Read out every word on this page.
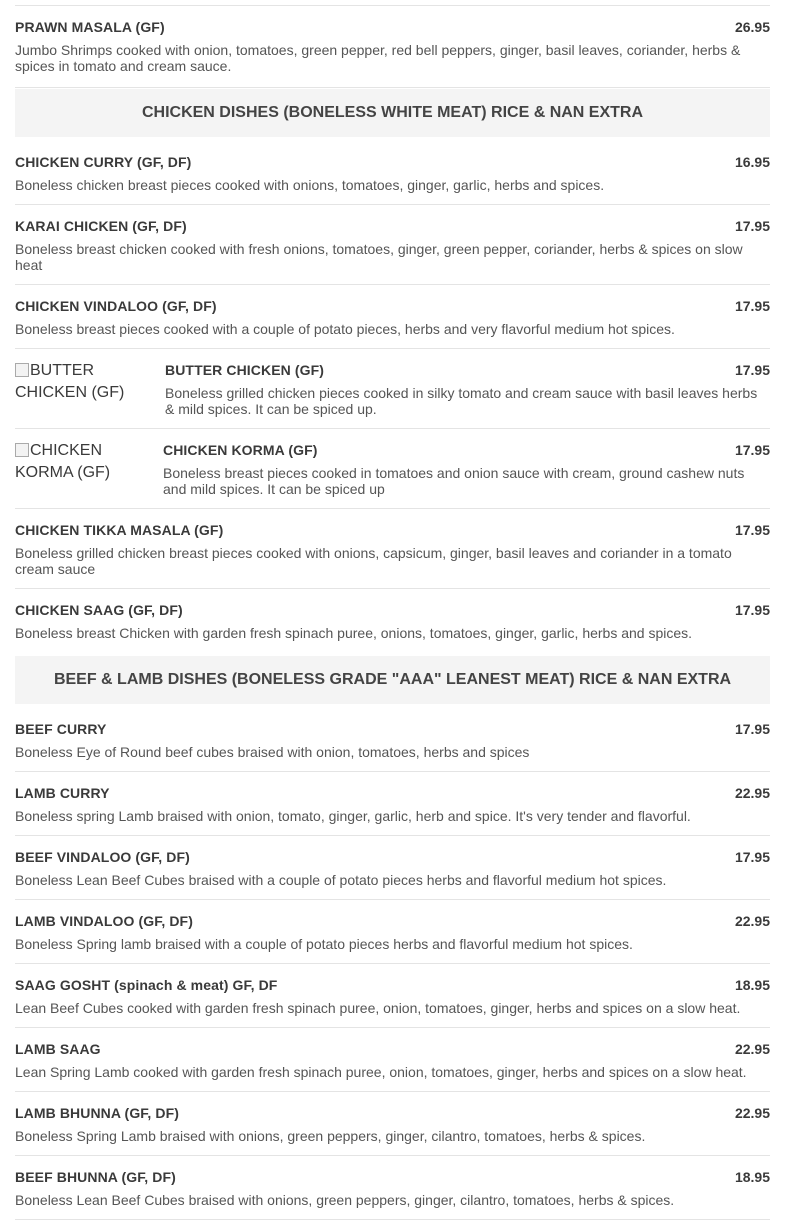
PRAWN MASALA (GF)	26.95
Jumbo Shrimps cooked with onion, tomatoes, green pepper, red bell peppers, ginger, basil leaves, coriander, herbs & spices in tomato and cream sauce.
CHICKEN DISHES (BONELESS WHITE MEAT) RICE & NAN EXTRA
CHICKEN CURRY (GF, DF)	16.95
Boneless chicken breast pieces cooked with onions, tomatoes, ginger, garlic, herbs and spices.
KARAI CHICKEN (GF, DF)	17.95
Boneless breast chicken cooked with fresh onions, tomatoes, ginger, green pepper, coriander, herbs & spices on slow heat
CHICKEN VINDALOO (GF, DF)	17.95
Boneless breast pieces cooked with a couple of potato pieces, herbs and very flavorful medium hot spices.
BUTTER CHICKEN (GF)
BUTTER CHICKEN (GF)	17.95
Boneless grilled chicken pieces cooked in silky tomato and cream sauce with basil leaves herbs & mild spices. It can be spiced up.
CHICKEN KORMA (GF)
CHICKEN KORMA (GF)	17.95
Boneless breast pieces cooked in tomatoes and onion sauce with cream, ground cashew nuts and mild spices. It can be spiced up
CHICKEN TIKKA MASALA (GF)	17.95
Boneless grilled chicken breast pieces cooked with onions, capsicum, ginger, basil leaves and coriander in a tomato cream sauce
CHICKEN SAAG (GF, DF)	17.95
Boneless breast Chicken with garden fresh spinach puree, onions, tomatoes, ginger, garlic, herbs and spices.
BEEF & LAMB DISHES (BONELESS GRADE "AAA" LEANEST MEAT) RICE & NAN EXTRA
BEEF CURRY	17.95
Boneless Eye of Round beef cubes braised with onion, tomatoes, herbs and spices
LAMB CURRY	22.95
Boneless spring Lamb braised with onion, tomato, ginger, garlic, herb and spice. It's very tender and flavorful.
BEEF VINDALOO (GF, DF)	17.95
Boneless Lean Beef Cubes braised with a couple of potato pieces herbs and flavorful medium hot spices.
LAMB VINDALOO (GF, DF)	22.95
Boneless Spring lamb braised with a couple of potato pieces herbs and flavorful medium hot spices.
SAAG GOSHT (spinach & meat) GF, DF	18.95
Lean Beef Cubes cooked with garden fresh spinach puree, onion, tomatoes, ginger, herbs and spices on a slow heat.
LAMB SAAG	22.95
Lean Spring Lamb cooked with garden fresh spinach puree, onion, tomatoes, ginger, herbs and spices on a slow heat.
LAMB BHUNNA (GF, DF)	22.95
Boneless Spring Lamb braised with onions, green peppers, ginger, cilantro, tomatoes, herbs & spices.
BEEF BHUNNA (GF, DF)	18.95
Boneless Lean Beef Cubes braised with onions, green peppers, ginger, cilantro, tomatoes, herbs & spices.
